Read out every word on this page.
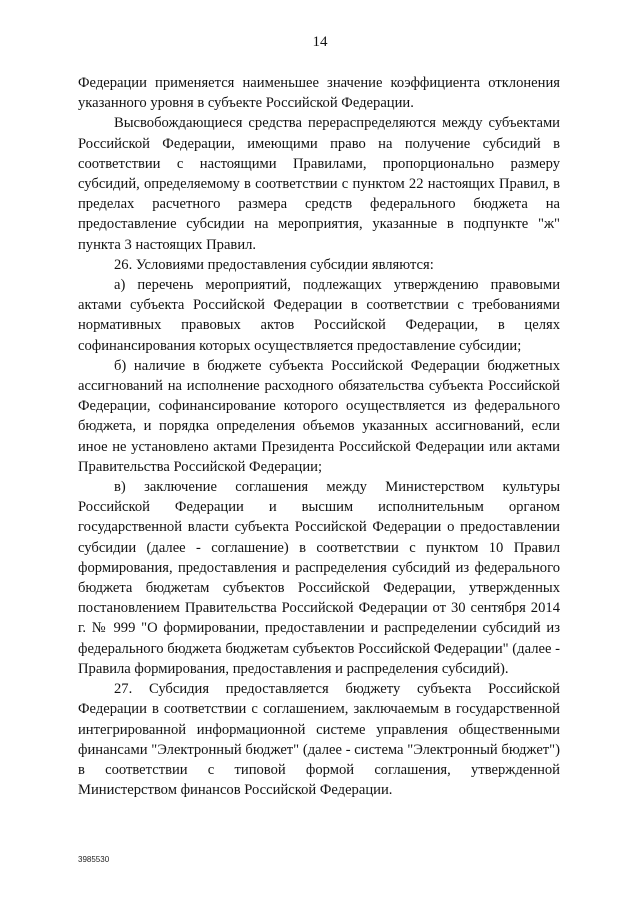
14

Федерации применяется наименьшее значение коэффициента отклонения указанного уровня в субъекте Российской Федерации.

Высвобождающиеся средства перераспределяются между субъектами Российской Федерации, имеющими право на получение субсидий в соответствии с настоящими Правилами, пропорционально размеру субсидий, определяемому в соответствии с пунктом 22 настоящих Правил, в пределах расчетного размера средств федерального бюджета на предоставление субсидии на мероприятия, указанные в подпункте "ж" пункта 3 настоящих Правил.

26. Условиями предоставления субсидии являются:

а) перечень мероприятий, подлежащих утверждению правовыми актами субъекта Российской Федерации в соответствии с требованиями нормативных правовых актов Российской Федерации, в целях софинансирования которых осуществляется предоставление субсидии;

б) наличие в бюджете субъекта Российской Федерации бюджетных ассигнований на исполнение расходного обязательства субъекта Российской Федерации, софинансирование которого осуществляется из федерального бюджета, и порядка определения объемов указанных ассигнований, если иное не установлено актами Президента Российской Федерации или актами Правительства Российской Федерации;

в) заключение соглашения между Министерством культуры Российской Федерации и высшим исполнительным органом государственной власти субъекта Российской Федерации о предоставлении субсидии (далее - соглашение) в соответствии с пунктом 10 Правил формирования, предоставления и распределения субсидий из федерального бюджета бюджетам субъектов Российской Федерации, утвержденных постановлением Правительства Российской Федерации от 30 сентября 2014 г. № 999 "О формировании, предоставлении и распределении субсидий из федерального бюджета бюджетам субъектов Российской Федерации" (далее - Правила формирования, предоставления и распределения субсидий).

27. Субсидия предоставляется бюджету субъекта Российской Федерации в соответствии с соглашением, заключаемым в государственной интегрированной информационной системе управления общественными финансами "Электронный бюджет" (далее - система "Электронный бюджет") в соответствии с типовой формой соглашения, утвержденной Министерством финансов Российской Федерации.

3985530
